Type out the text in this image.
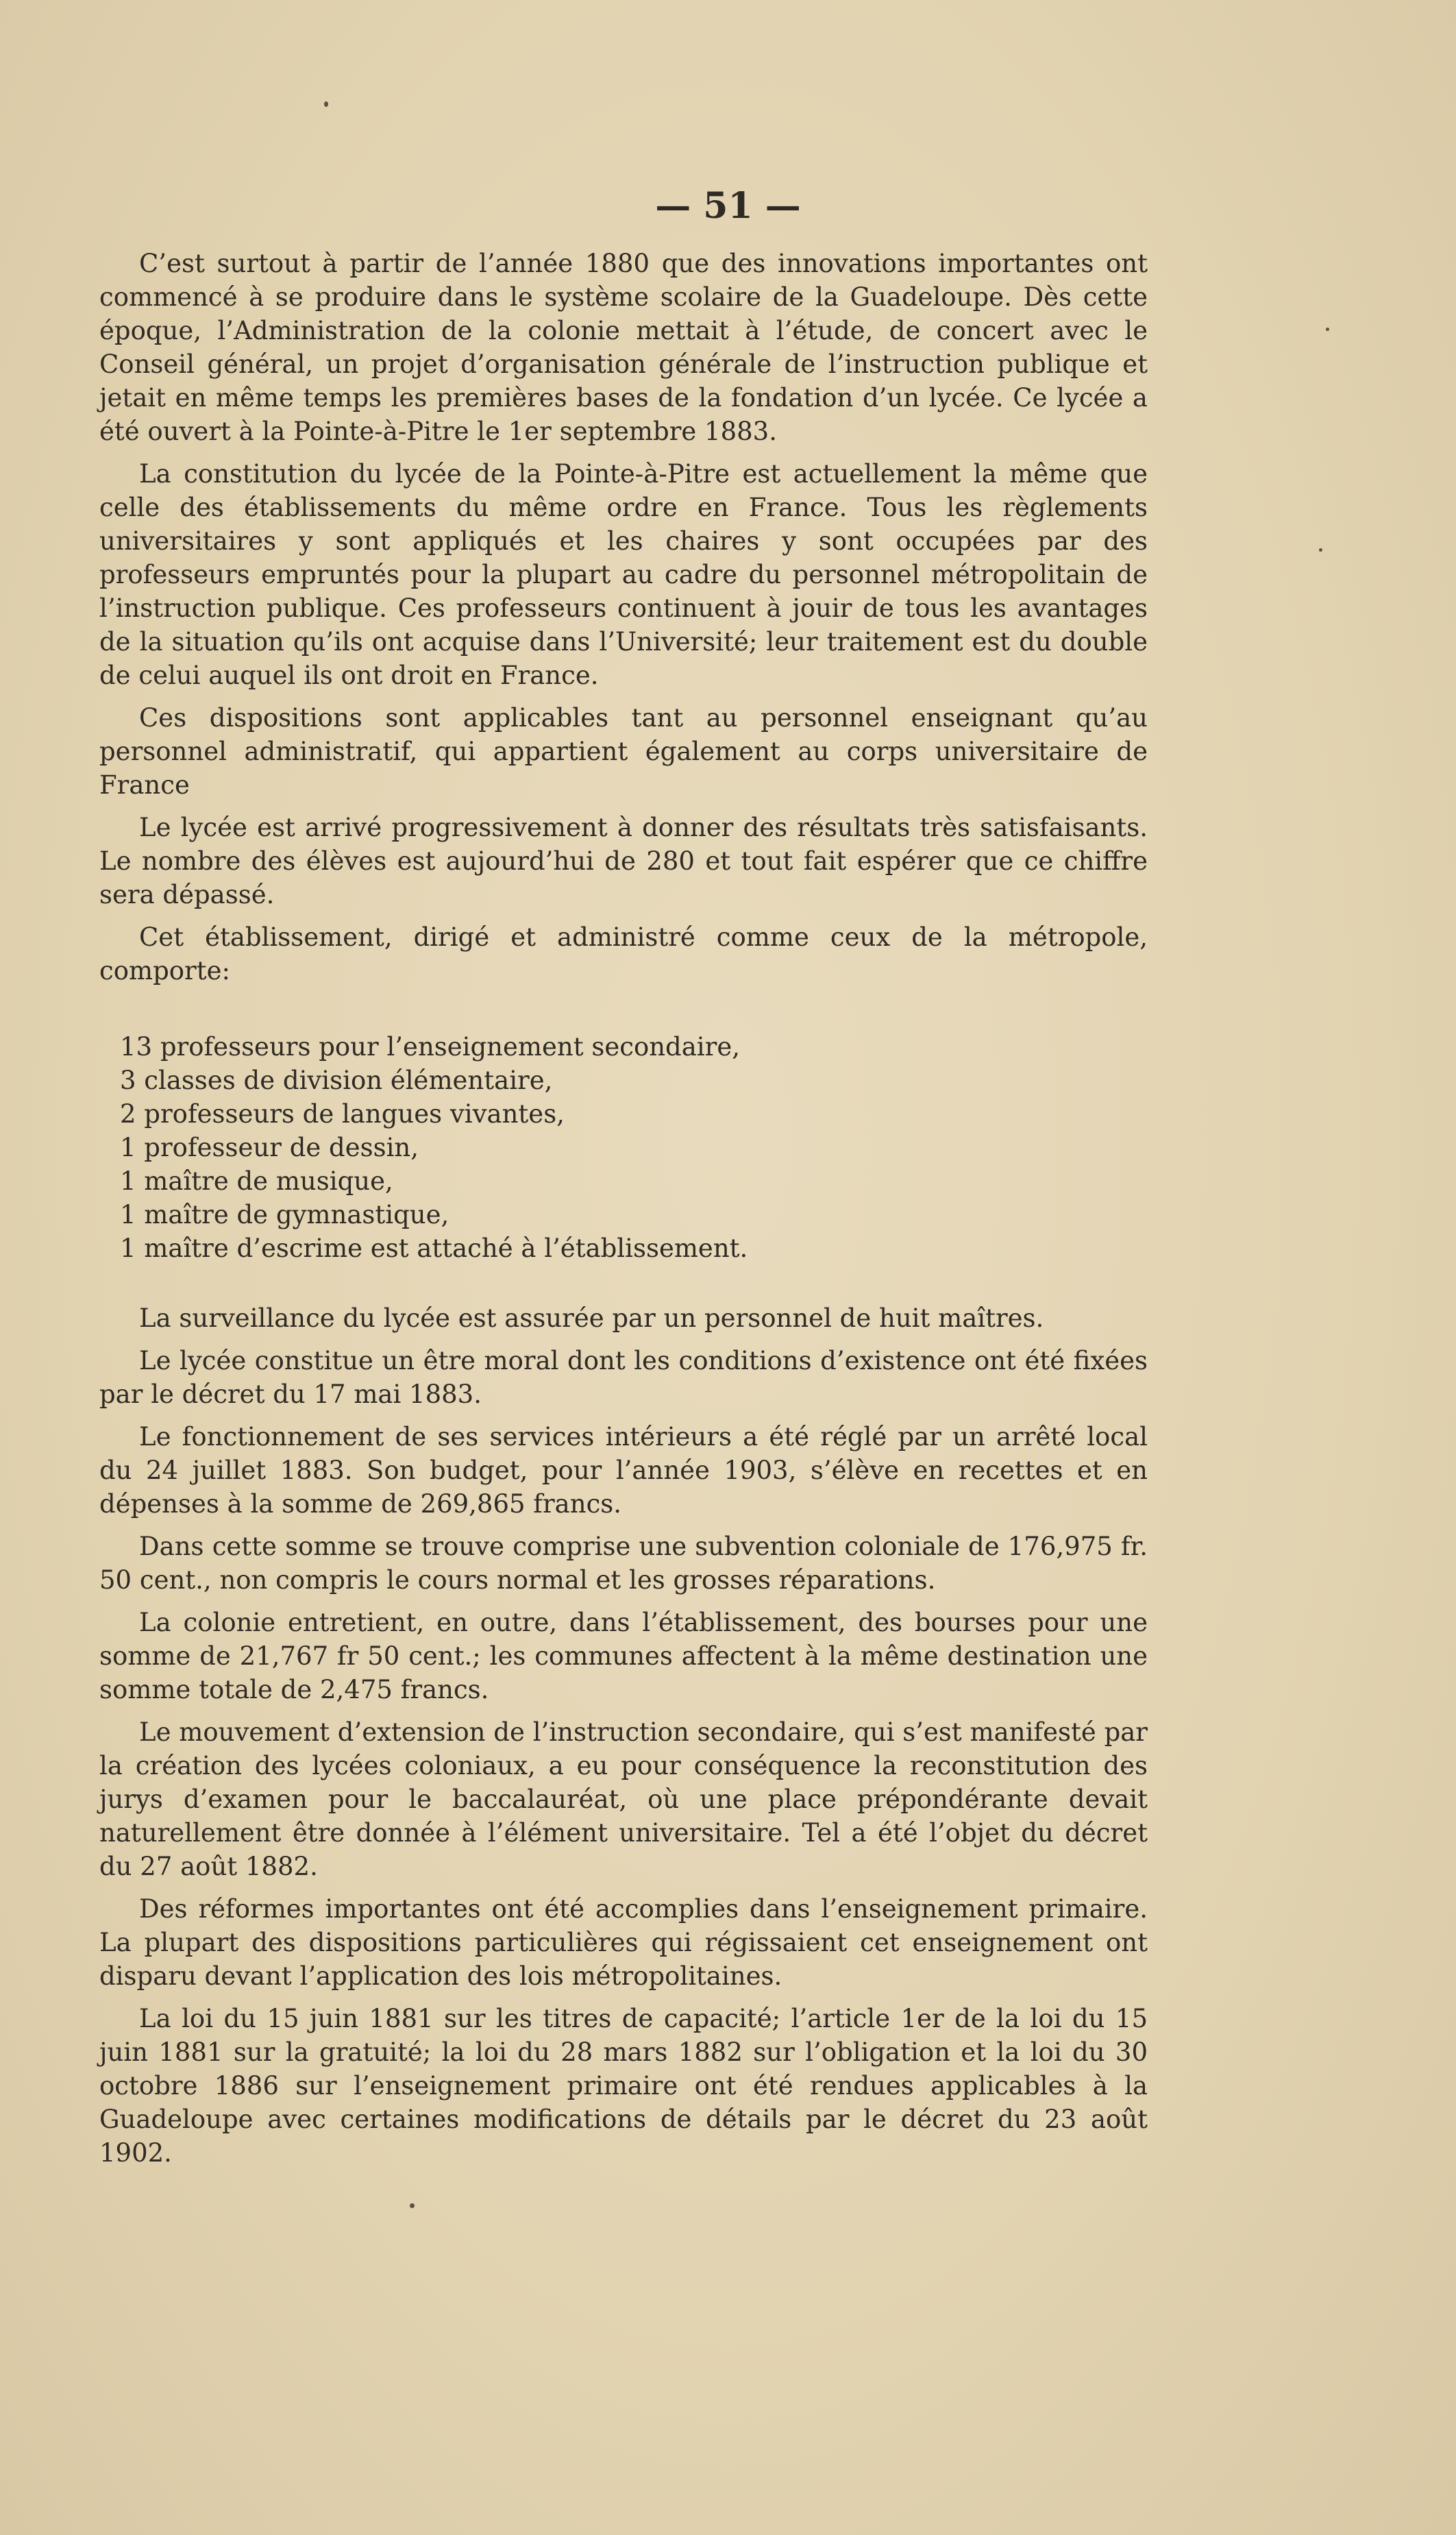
— 51 —

C’est surtout à partir de l’année 1880 que des innovations importantes ont commencé à se produire dans le système scolaire de la Guadeloupe. Dès cette époque, l’Administration de la colonie mettait à l’étude, de concert avec le Conseil général, un projet d’organisation générale de l’instruction publique et jetait en même temps les premières bases de la fondation d’un lycée. Ce lycée a été ouvert à la Pointe-à-Pitre le 1er septembre 1883.

La constitution du lycée de la Pointe-à-Pitre est actuellement la même que celle des établissements du même ordre en France. Tous les règlements universitaires y sont appliqués et les chaires y sont occupées par des professeurs empruntés pour la plupart au cadre du personnel métropolitain de l’instruction publique. Ces professeurs continuent à jouir de tous les avantages de la situation qu’ils ont acquise dans l’Université; leur traitement est du double de celui auquel ils ont droit en France.

Ces dispositions sont applicables tant au personnel enseignant qu’au personnel administratif, qui appartient également au corps universitaire de France

Le lycée est arrivé progressivement à donner des résultats très satisfaisants. Le nombre des élèves est aujourd’hui de 280 et tout fait espérer que ce chiffre sera dépassé.

Cet établissement, dirigé et administré comme ceux de la métropole, comporte:

13 professeurs pour l’enseignement secondaire,
3 classes de division élémentaire,
2 professeurs de langues vivantes,
1 professeur de dessin,
1 maître de musique,
1 maître de gymnastique,
1 maître d’escrime est attaché à l’établissement.

La surveillance du lycée est assurée par un personnel de huit maîtres.

Le lycée constitue un être moral dont les conditions d’existence ont été fixées par le décret du 17 mai 1883.

Le fonctionnement de ses services intérieurs a été réglé par un arrêté local du 24 juillet 1883. Son budget, pour l’année 1903, s’élève en recettes et en dépenses à la somme de 269,865 francs.

Dans cette somme se trouve comprise une subvention coloniale de 176,975 fr. 50 cent., non compris le cours normal et les grosses réparations.

La colonie entretient, en outre, dans l’établissement, des bourses pour une somme de 21,767 fr 50 cent.; les communes affectent à la même destination une somme totale de 2,475 francs.

Le mouvement d’extension de l’instruction secondaire, qui s’est manifesté par la création des lycées coloniaux, a eu pour conséquence la reconstitution des jurys d’examen pour le baccalauréat, où une place prépondérante devait naturellement être donnée à l’élément universitaire. Tel a été l’objet du décret du 27 août 1882.

Des réformes importantes ont été accomplies dans l’enseignement primaire. La plupart des dispositions particulières qui régissaient cet enseignement ont disparu devant l’application des lois métropolitaines.

La loi du 15 juin 1881 sur les titres de capacité; l’article 1er de la loi du 15 juin 1881 sur la gratuité; la loi du 28 mars 1882 sur l’obligation et la loi du 30 octobre 1886 sur l’enseignement primaire ont été rendues applicables à la Guadeloupe avec certaines modifications de détails par le décret du 23 août 1902.
